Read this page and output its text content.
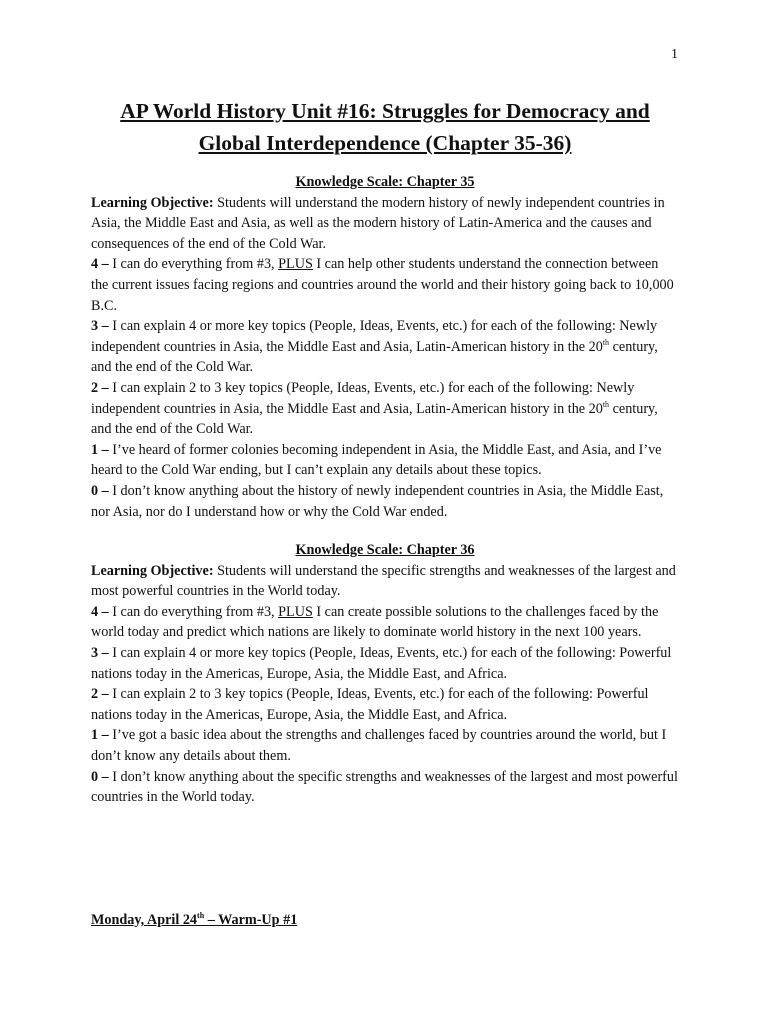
1
AP World History Unit #16: Struggles for Democracy and Global Interdependence (Chapter 35-36)

Knowledge Scale: Chapter 35

Learning Objective: Students will understand the modern history of newly independent countries in Asia, the Middle East and Asia, as well as the modern history of Latin-America and the causes and consequences of the end of the Cold War.

4 – I can do everything from #3, PLUS I can help other students understand the connection between the current issues facing regions and countries around the world and their history going back to 10,000 B.C.

3 – I can explain 4 or more key topics (People, Ideas, Events, etc.) for each of the following: Newly independent countries in Asia, the Middle East and Asia, Latin-American history in the 20th century, and the end of the Cold War.

2 – I can explain 2 to 3 key topics (People, Ideas, Events, etc.) for each of the following: Newly independent countries in Asia, the Middle East and Asia, Latin-American history in the 20th century, and the end of the Cold War.

1 – I’ve heard of former colonies becoming independent in Asia, the Middle East, and Asia, and I’ve heard to the Cold War ending, but I can’t explain any details about these topics.

0 – I don’t know anything about the history of newly independent countries in Asia, the Middle East, nor Asia, nor do I understand how or why the Cold War ended.

Knowledge Scale: Chapter 36

Learning Objective: Students will understand the specific strengths and weaknesses of the largest and most powerful countries in the World today.

4 – I can do everything from #3, PLUS I can create possible solutions to the challenges faced by the world today and predict which nations are likely to dominate world history in the next 100 years.

3 – I can explain 4 or more key topics (People, Ideas, Events, etc.) for each of the following: Powerful nations today in the Americas, Europe, Asia, the Middle East, and Africa.

2 – I can explain 2 to 3 key topics (People, Ideas, Events, etc.) for each of the following: Powerful nations today in the Americas, Europe, Asia, the Middle East, and Africa.

1 – I’ve got a basic idea about the strengths and challenges faced by countries around the world, but I don’t know any details about them.

0 – I don’t know anything about the specific strengths and weaknesses of the largest and most powerful countries in the World today.

Monday, April 24th – Warm-Up #1
